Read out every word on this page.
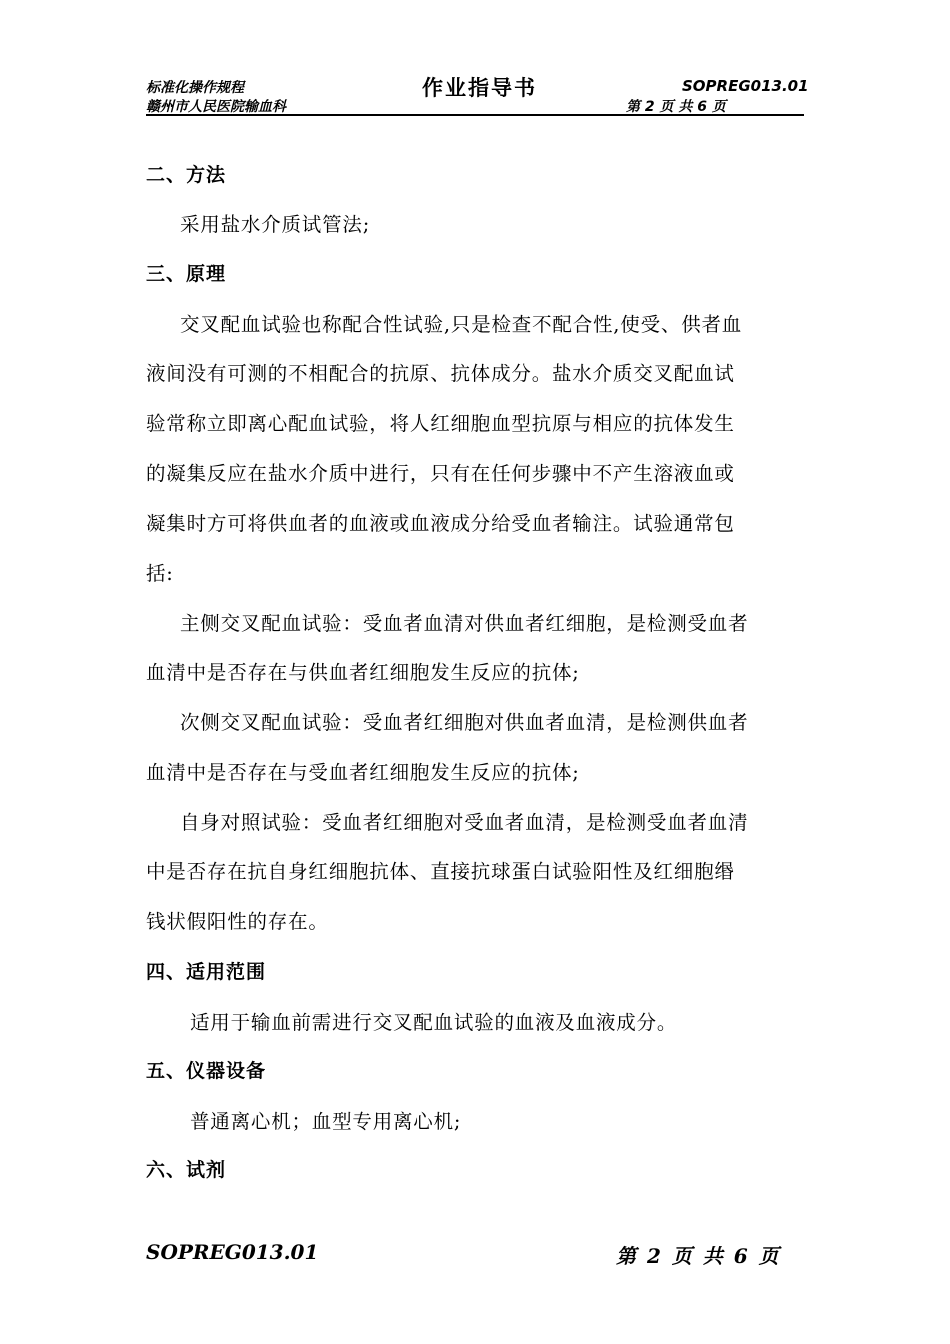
标准化操作规程
赣州市人民医院输血科
作业指导书	SOPREG013.01
第 2 页 共 6 页
二、方法
采用盐水介质试管法;
三、原理
交叉配血试验也称配合性试验,只是检查不配合性,使受、供者血
液间没有可测的不相配合的抗原、抗体成分。盐水介质交叉配血试
验常称立即离心配血试验，将人红细胞血型抗原与相应的抗体发生
的凝集反应在盐水介质中进行，只有在任何步骤中不产生溶液血或
凝集时方可将供血者的血液或血液成分给受血者输注。试验通常包
括:
主侧交叉配血试验：受血者血清对供血者红细胞，是检测受血者
血清中是否存在与供血者红细胞发生反应的抗体;
次侧交叉配血试验：受血者红细胞对供血者血清，是检测供血者
血清中是否存在与受血者红细胞发生反应的抗体;
自身对照试验：受血者红细胞对受血者血清，是检测受血者血清
中是否存在抗自身红细胞抗体、直接抗球蛋白试验阳性及红细胞缗
钱状假阳性的存在。
四、适用范围
适用于输血前需进行交叉配血试验的血液及血液成分。
五、仪器设备
普通离心机；血型专用离心机;
六、试剂
SOPREG013.01	第 2 页 共 6 页
